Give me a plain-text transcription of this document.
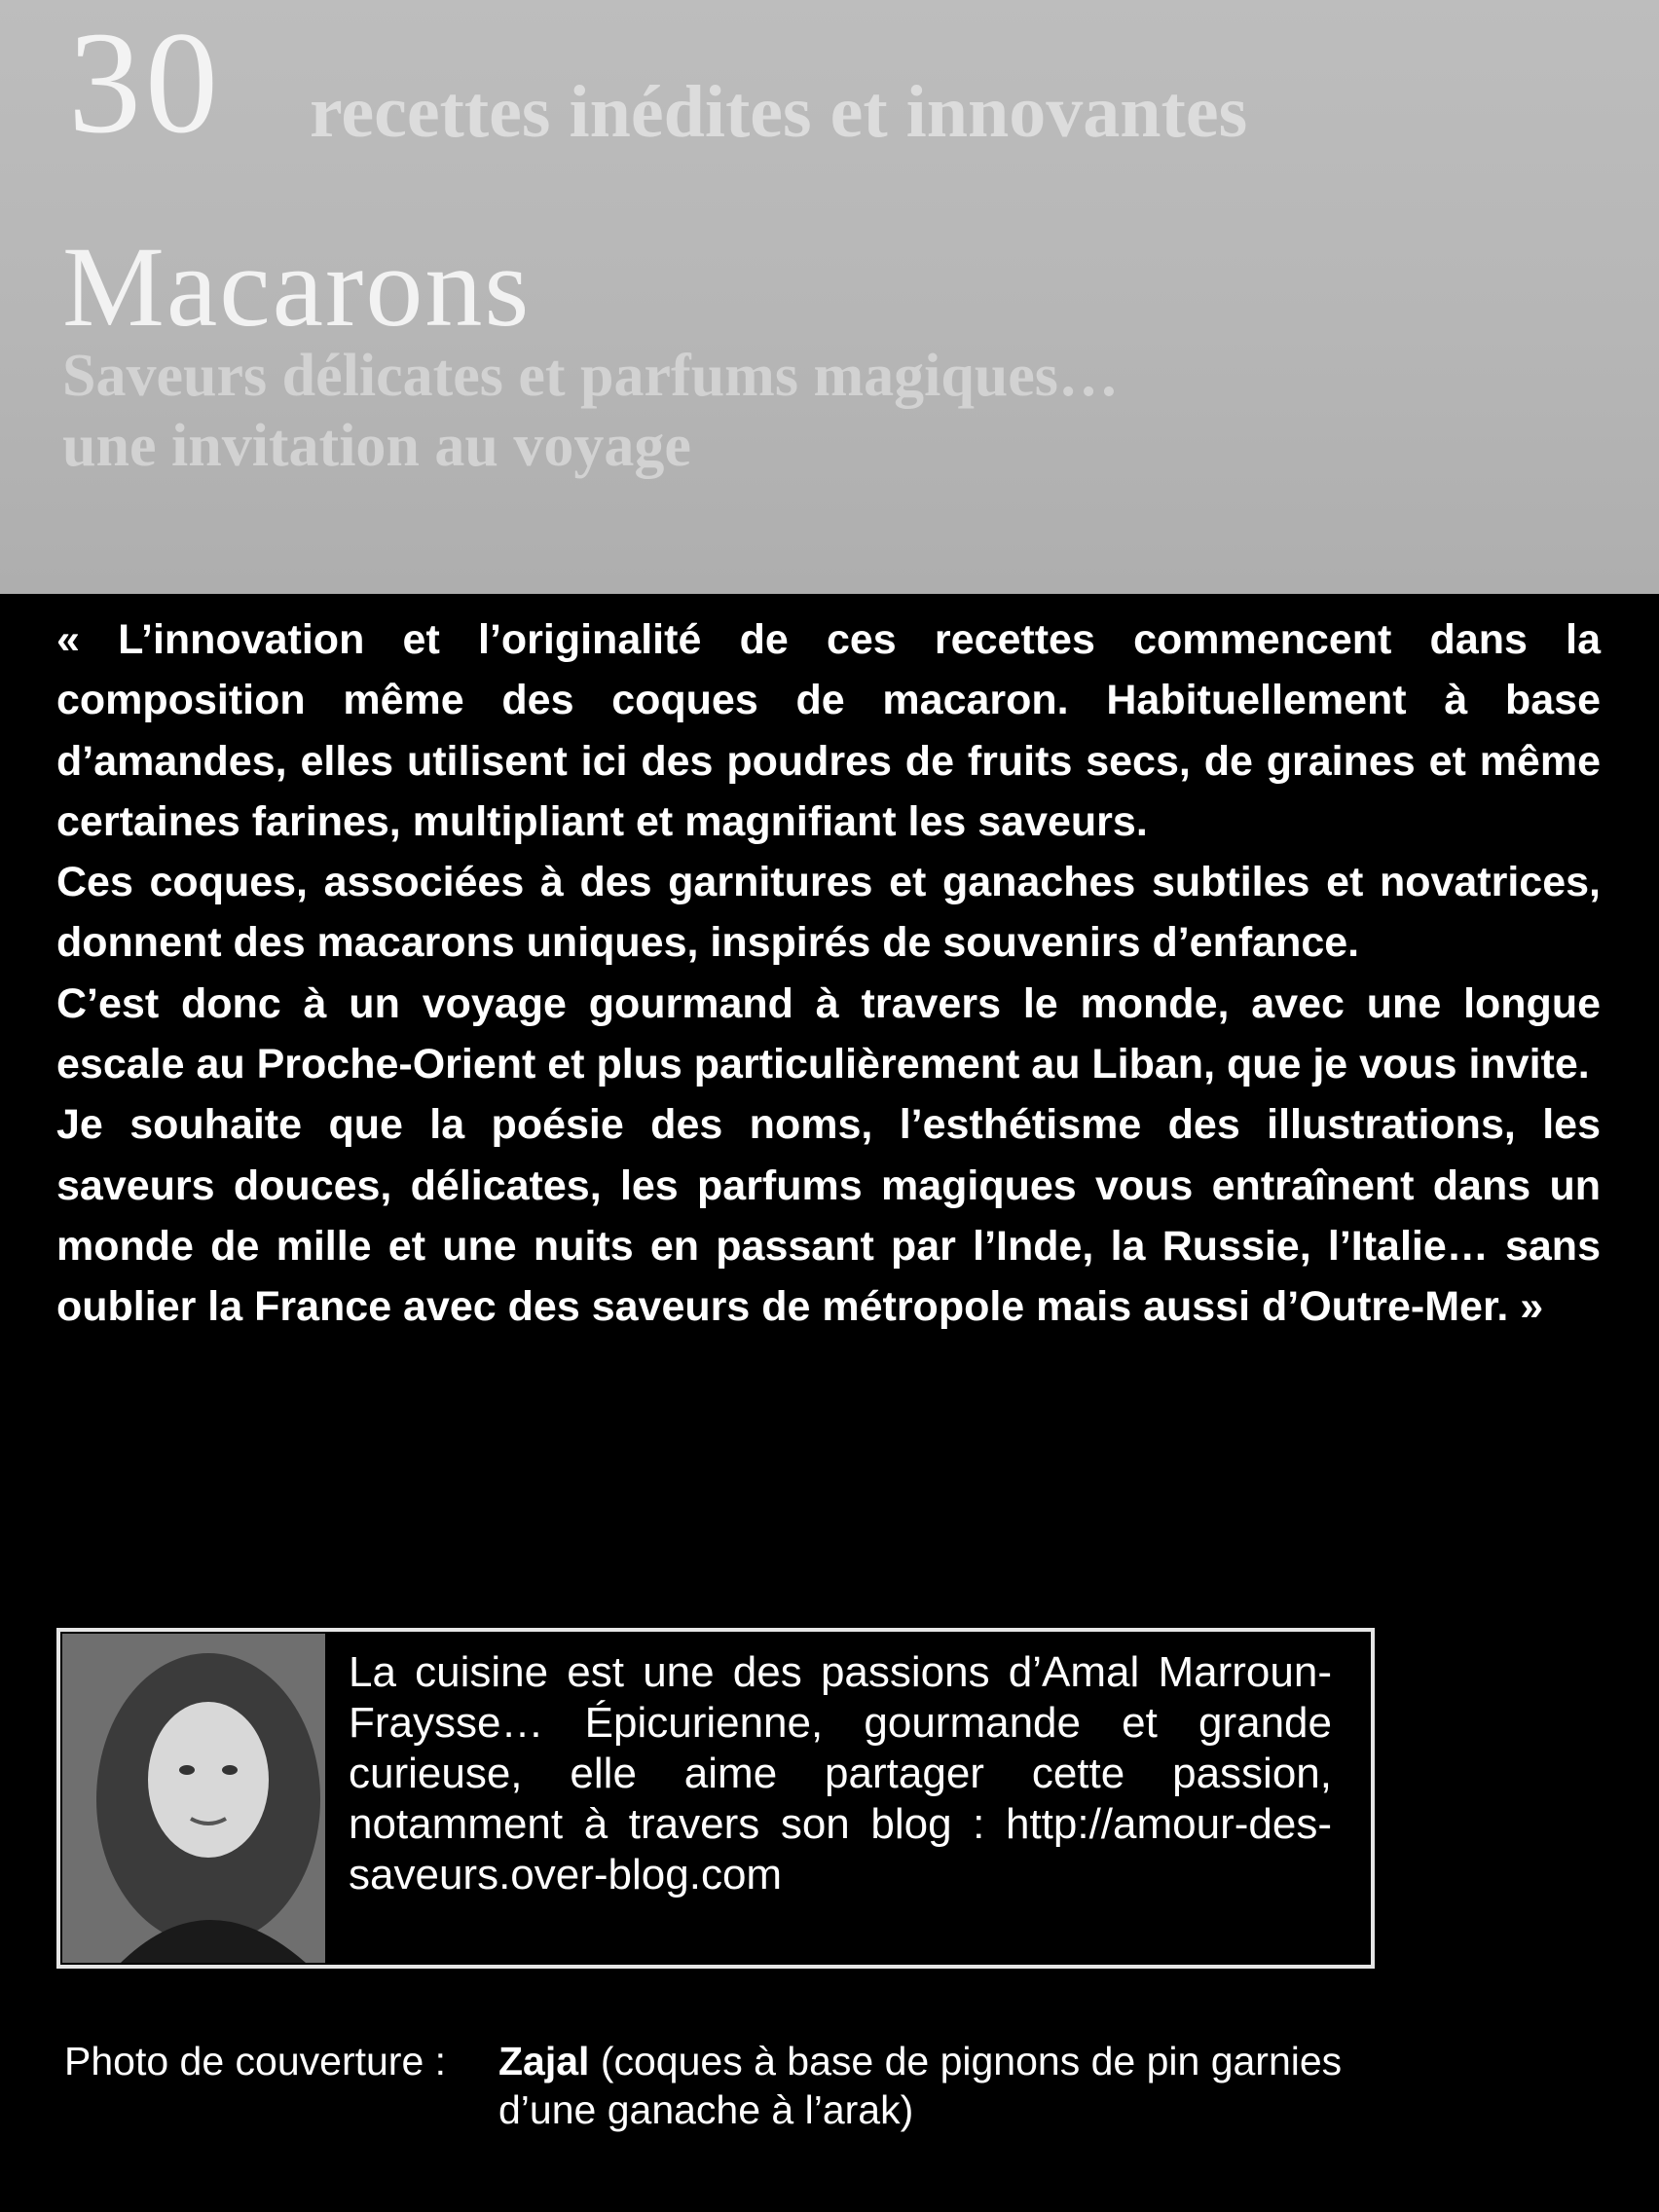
30 recettes inédites et innovantes
Macarons
Saveurs délicates et parfums magiques…
une invitation au voyage

« L’innovation et l’originalité de ces recettes commencent dans la composition même des coques de macaron. Habituellement à base d’amandes, elles utilisent ici des poudres de fruits secs, de graines et même certaines farines, multipliant et magnifiant les saveurs.

Ces coques, associées à des garnitures et ganaches subtiles et novatrices, donnent des macarons uniques, inspirés de souvenirs d’enfance.

C’est donc à un voyage gourmand à travers le monde, avec une longue escale au Proche-Orient et plus particulièrement au Liban, que je vous invite.

Je souhaite que la poésie des noms, l’esthétisme des illustrations, les saveurs douces, délicates, les parfums magiques vous entraînent dans un monde de mille et une nuits en passant par l’Inde, la Russie, l’Italie… sans oublier la France avec des saveurs de métropole mais aussi d’Outre-Mer. »

La cuisine est une des passions d’Amal Marroun-Fraysse… Épicurienne, gourmande et grande curieuse, elle aime partager cette passion, notamment à travers son blog : http://amour-des-saveurs.over-blog.com
Photo de couverture : Zajal (coques à base de pignons de pin garnies d’une ganache à l’arak)
